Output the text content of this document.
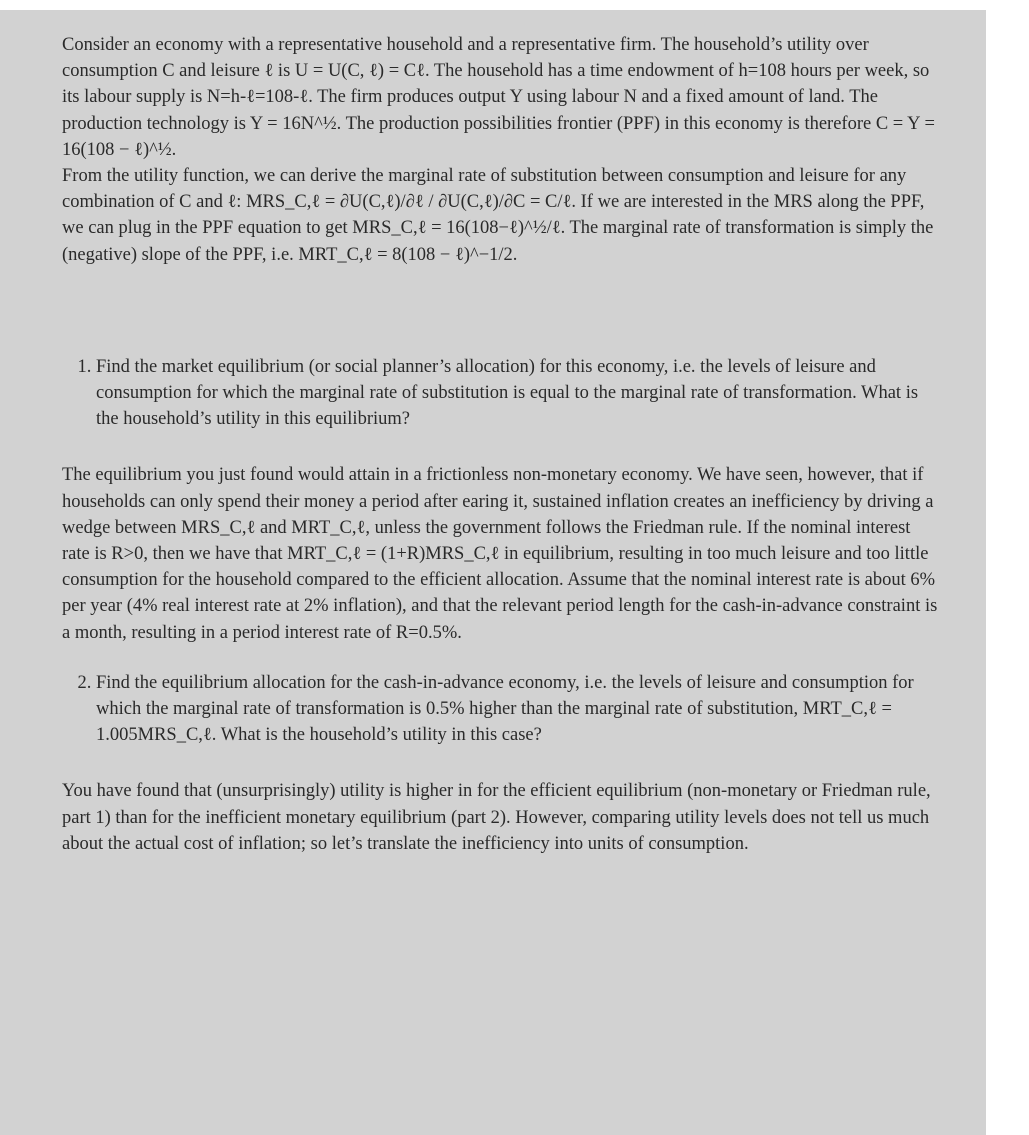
Consider an economy with a representative household and a representative firm. The household’s utility over consumption C and leisure ℓ is U = U(C, ℓ) = Cℓ. The household has a time endowment of h=108 hours per week, so its labour supply is N=h-ℓ=108-ℓ. The firm produces output Y using labour N and a fixed amount of land. The production technology is Y = 16N^½. The production possibilities frontier (PPF) in this economy is therefore C = Y = 16(108 − ℓ)^½.

From the utility function, we can derive the marginal rate of substitution between consumption and leisure for any combination of C and ℓ: MRS_C,ℓ = ∂U(C,ℓ)/∂ℓ / ∂U(C,ℓ)/∂C = C/ℓ. If we are interested in the MRS along the PPF, we can plug in the PPF equation to get MRS_C,ℓ = 16(108−ℓ)^½/ℓ. The marginal rate of transformation is simply the (negative) slope of the PPF, i.e. MRT_C,ℓ = 8(108 − ℓ)^−1/2.

1. Find the market equilibrium (or social planner’s allocation) for this economy, i.e. the levels of leisure and consumption for which the marginal rate of substitution is equal to the marginal rate of transformation. What is the household’s utility in this equilibrium?

The equilibrium you just found would attain in a frictionless non-monetary economy. We have seen, however, that if households can only spend their money a period after earing it, sustained inflation creates an inefficiency by driving a wedge between MRS_C,ℓ and MRT_C,ℓ, unless the government follows the Friedman rule. If the nominal interest rate is R>0, then we have that MRT_C,ℓ = (1+R)MRS_C,ℓ in equilibrium, resulting in too much leisure and too little consumption for the household compared to the efficient allocation. Assume that the nominal interest rate is about 6% per year (4% real interest rate at 2% inflation), and that the relevant period length for the cash-in-advance constraint is a month, resulting in a period interest rate of R=0.5%.

2. Find the equilibrium allocation for the cash-in-advance economy, i.e. the levels of leisure and consumption for which the marginal rate of transformation is 0.5% higher than the marginal rate of substitution, MRT_C,ℓ = 1.005MRS_C,ℓ. What is the household’s utility in this case?

You have found that (unsurprisingly) utility is higher in for the efficient equilibrium (non-monetary or Friedman rule, part 1) than for the inefficient monetary equilibrium (part 2). However, comparing utility levels does not tell us much about the actual cost of inflation; so let’s translate the inefficiency into units of consumption.
